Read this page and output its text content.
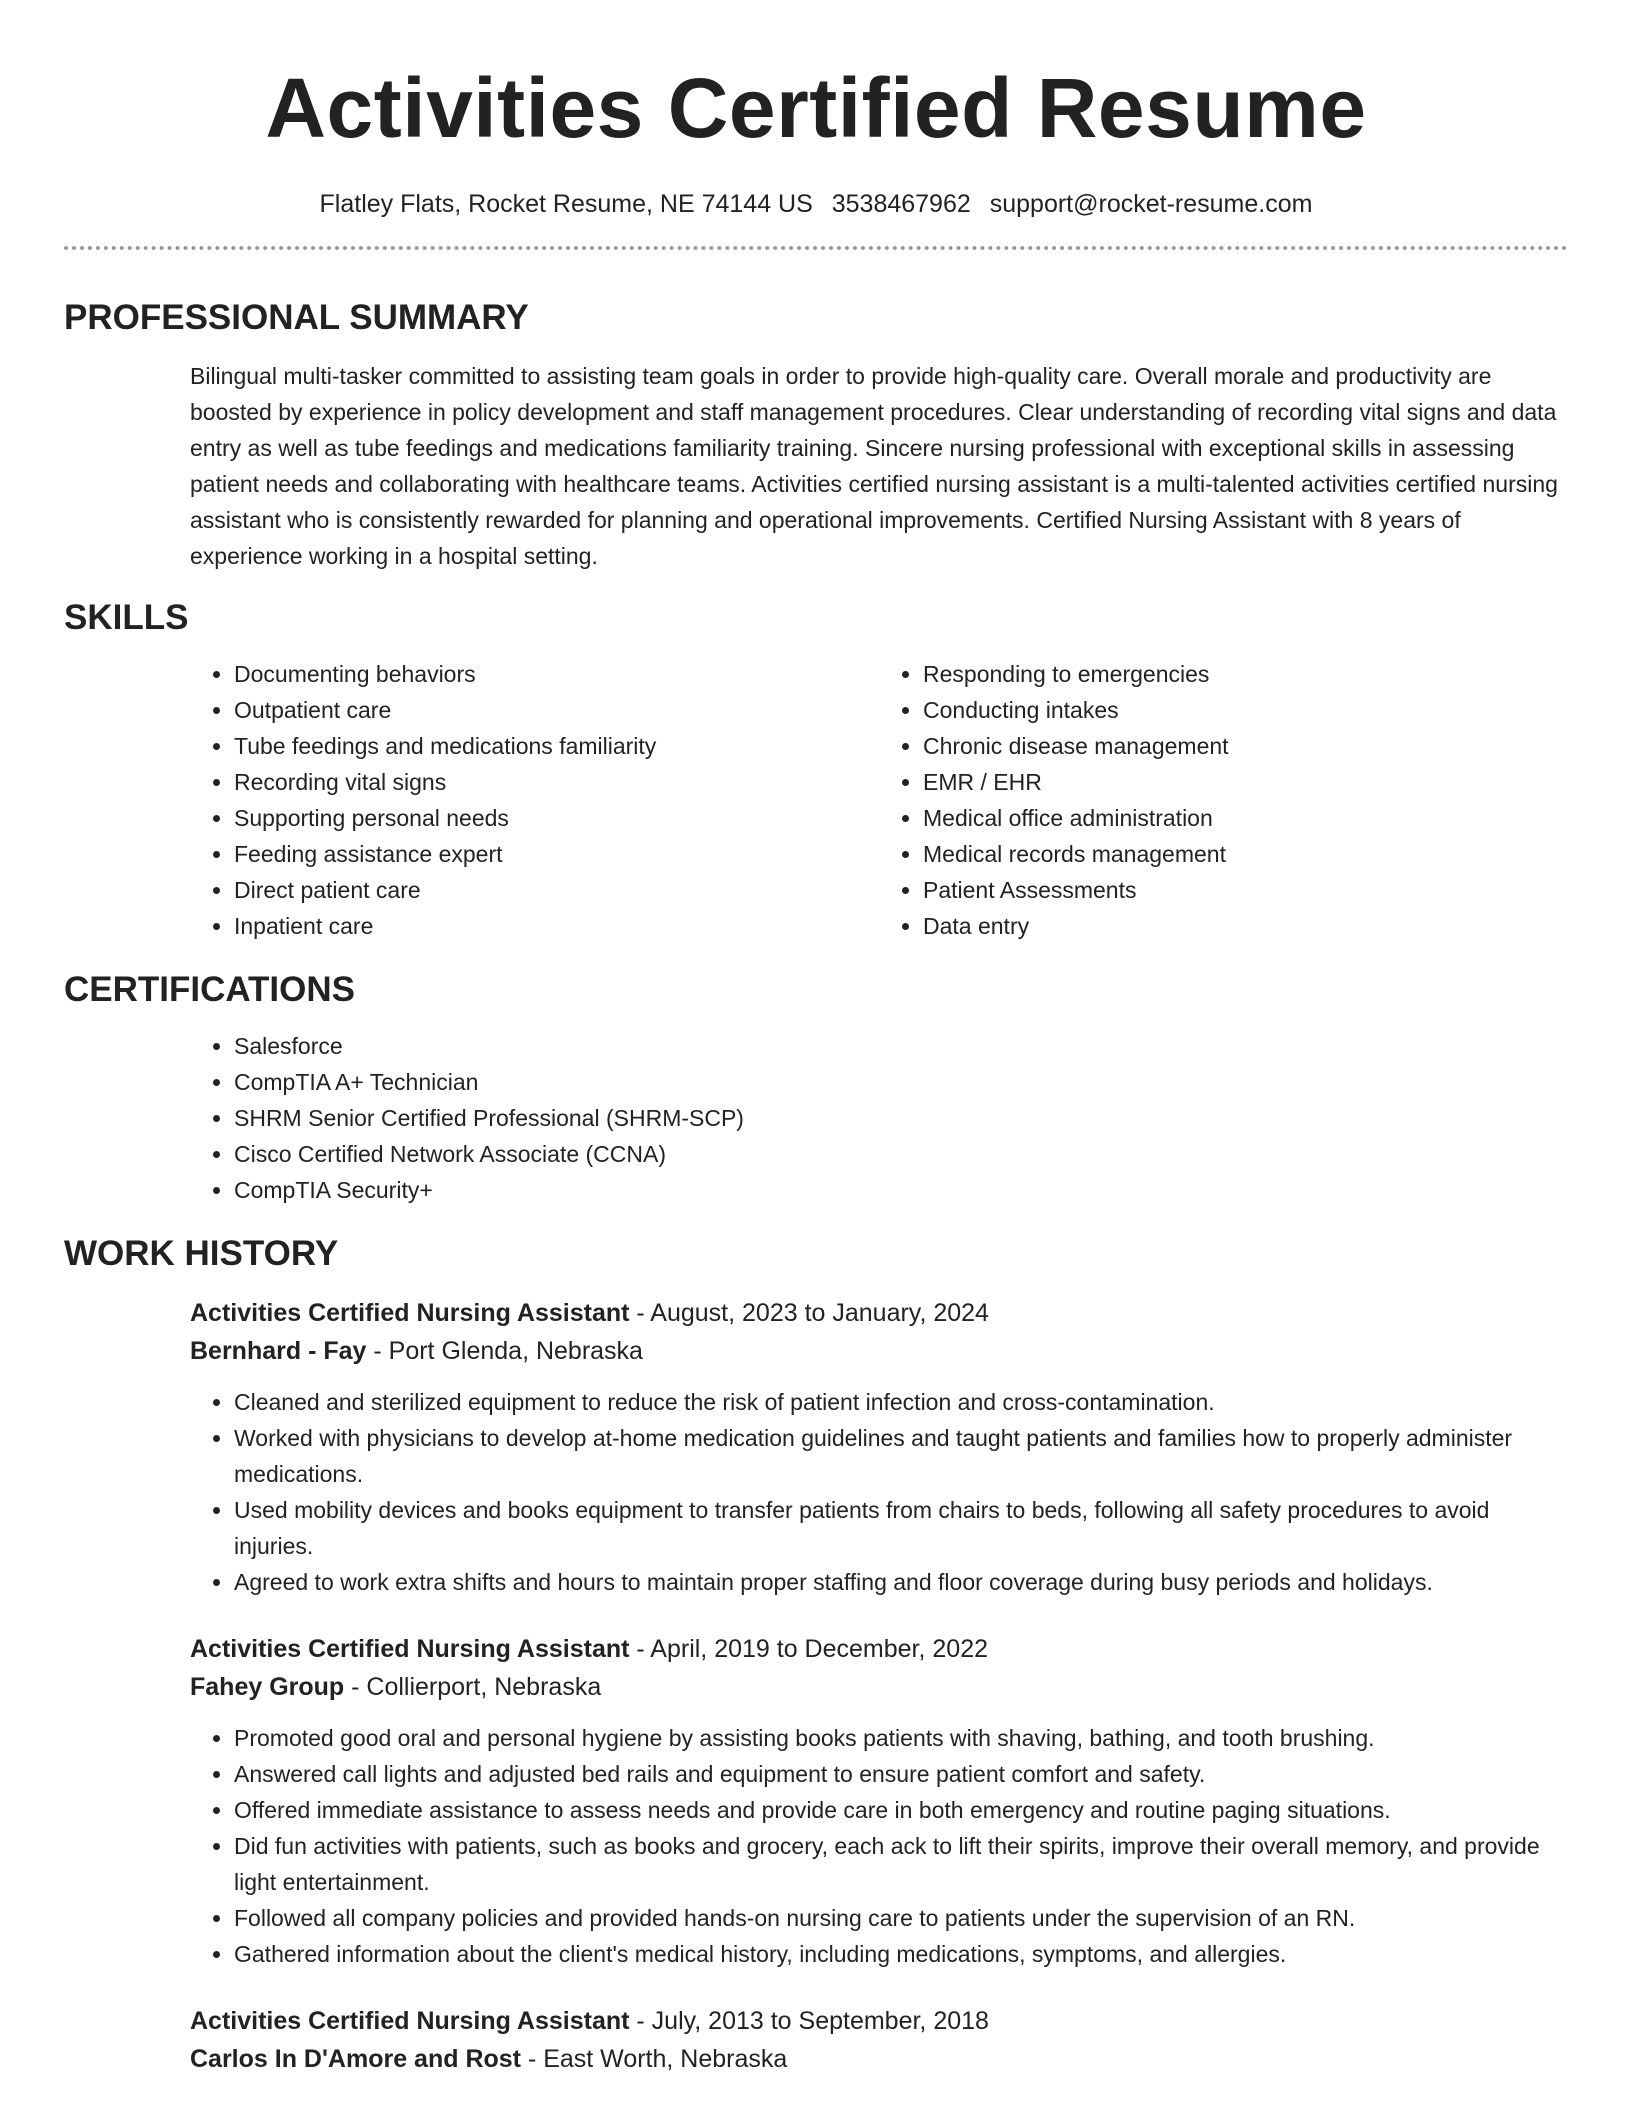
Activities Certified Resume
Flatley Flats, Rocket Resume, NE 74144 US 3538467962 support@rocket-resume.com
PROFESSIONAL SUMMARY

Bilingual multi-tasker committed to assisting team goals in order to provide high-quality care. Overall morale and productivity are boosted by experience in policy development and staff management procedures. Clear understanding of recording vital signs and data entry as well as tube feedings and medications familiarity training. Sincere nursing professional with exceptional skills in assessing patient needs and collaborating with healthcare teams. Activities certified nursing assistant is a multi-talented activities certified nursing assistant who is consistently rewarded for planning and operational improvements. Certified Nursing Assistant with 8 years of experience working in a hospital setting.

SKILLS
• Documenting behaviors
• Outpatient care
• Tube feedings and medications familiarity
• Recording vital signs
• Supporting personal needs
• Feeding assistance expert
• Direct patient care
• Inpatient care
• Responding to emergencies
• Conducting intakes
• Chronic disease management
• EMR / EHR
• Medical office administration
• Medical records management
• Patient Assessments
• Data entry
CERTIFICATIONS
• Salesforce
• CompTIA A+ Technician
• SHRM Senior Certified Professional (SHRM-SCP)
• Cisco Certified Network Associate (CCNA)
• CompTIA Security+
WORK HISTORY
Activities Certified Nursing Assistant - August, 2023 to January, 2024
Bernhard - Fay - Port Glenda, Nebraska
• Cleaned and sterilized equipment to reduce the risk of patient infection and cross-contamination.
• Worked with physicians to develop at-home medication guidelines and taught patients and families how to properly administer medications.
• Used mobility devices and books equipment to transfer patients from chairs to beds, following all safety procedures to avoid injuries.
• Agreed to work extra shifts and hours to maintain proper staffing and floor coverage during busy periods and holidays.
Activities Certified Nursing Assistant - April, 2019 to December, 2022
Fahey Group - Collierport, Nebraska
• Promoted good oral and personal hygiene by assisting books patients with shaving, bathing, and tooth brushing.
• Answered call lights and adjusted bed rails and equipment to ensure patient comfort and safety.
• Offered immediate assistance to assess needs and provide care in both emergency and routine paging situations.
• Did fun activities with patients, such as books and grocery, each ack to lift their spirits, improve their overall memory, and provide light entertainment.
• Followed all company policies and provided hands-on nursing care to patients under the supervision of an RN.
• Gathered information about the client's medical history, including medications, symptoms, and allergies.
Activities Certified Nursing Assistant - July, 2013 to September, 2018
Carlos In D'Amore and Rost - East Worth, Nebraska
